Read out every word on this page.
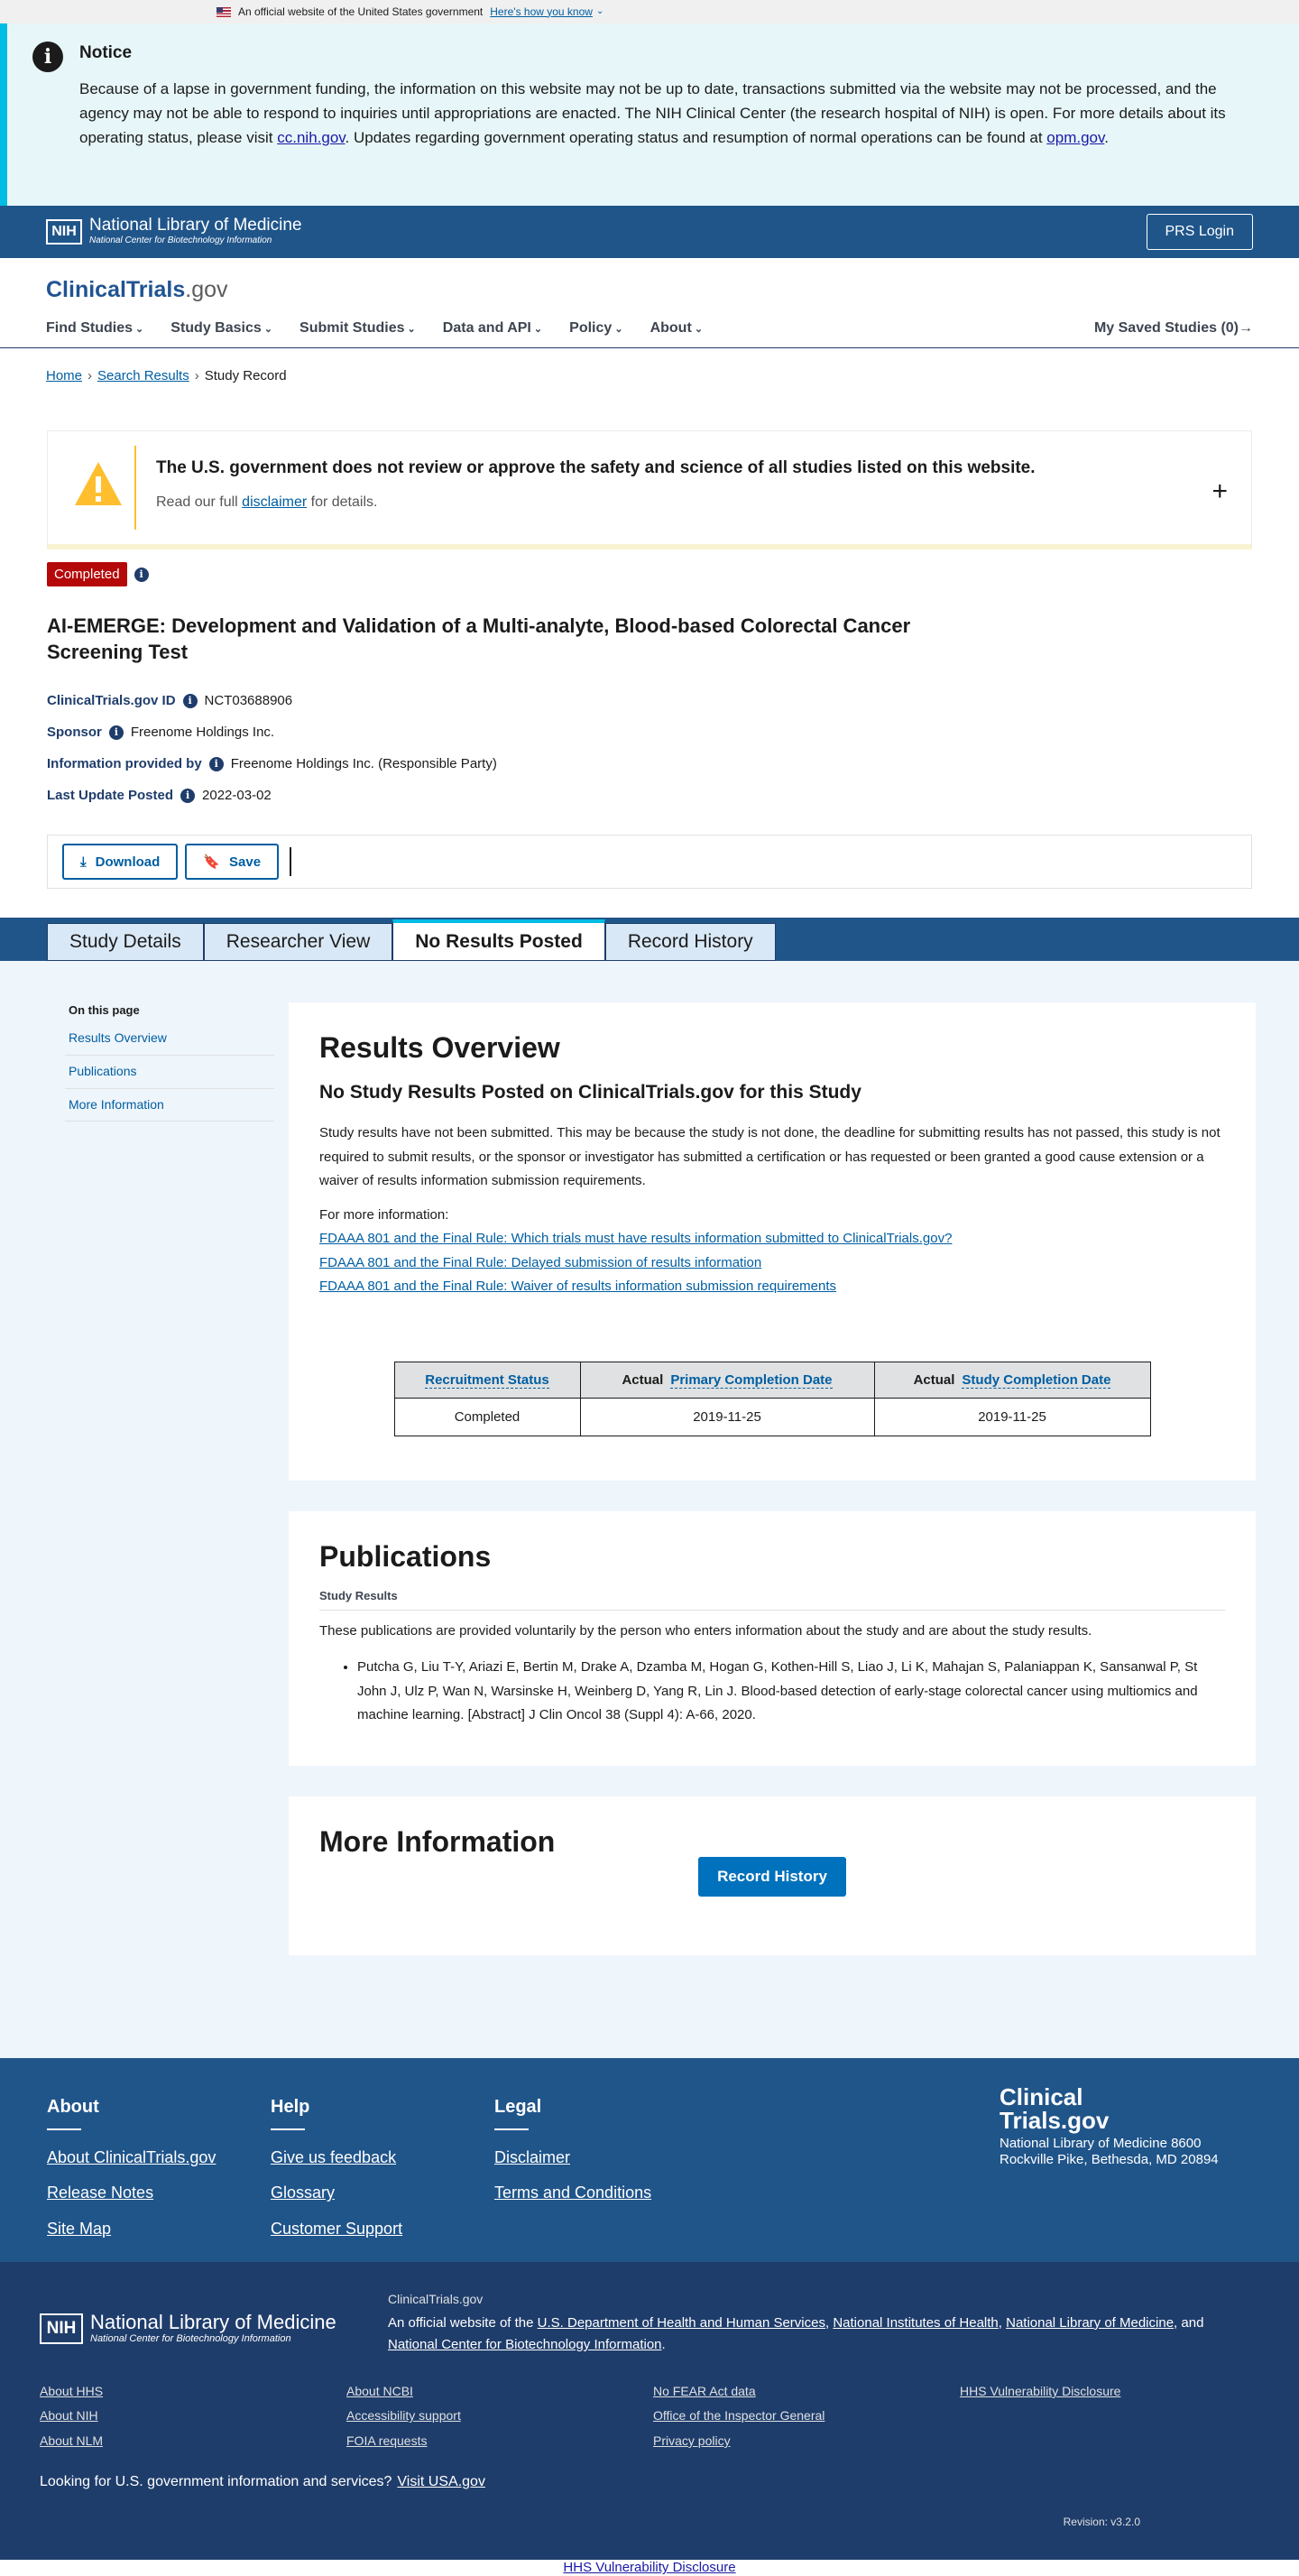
An official website of the United States government Here's how you know ⌄
i	Notice

Because of a lapse in government funding, the information on this website may not be up to date, transactions submitted via the website may not be processed, and the agency may not be able to respond to inquiries until appropriations are enacted. The NIH Clinical Center (the research hospital of NIH) is open. For more details about its operating status, please visit cc.nih.gov. Updates regarding government operating status and resumption of normal operations can be found at opm.gov.

NIH National Library of Medicine
National Center for Biotechnology Information
PRS Login
ClinicalTrials.gov
Find Studies ⌄	Study Basics ⌄	Submit Studies ⌄	Data and API ⌄	Policy ⌄	About ⌄	My Saved Studies (0)→
Home › Search Results › Study Record
The U.S. government does not review or approve the safety and science of all studies listed on this website.
Read our full disclaimer for details.	+
Completed	i
AI-EMERGE: Development and Validation of a Multi-analyte, Blood-based Colorectal Cancer Screening Test
ClinicalTrials.gov ID	i NCT03688906
Sponsor	i Freenome Holdings Inc.
Information provided by	i Freenome Holdings Inc. (Responsible Party)
Last Update Posted	i 2022-03-02
⤓ Download	🔖 Save
Study Details	Researcher View	No Results Posted	Record History
On this page
Results Overview
Publications
More Information
Results Overview
No Study Results Posted on ClinicalTrials.gov for this Study

Study results have not been submitted. This may be because the study is not done, the deadline for submitting results has not passed, this study is not required to submit results, or the sponsor or investigator has submitted a certification or has requested or been granted a good cause extension or a waiver of results information submission requirements.

For more information:

FDAAA 801 and the Final Rule: Which trials must have results information submitted to ClinicalTrials.gov?
FDAAA 801 and the Final Rule: Delayed submission of results information
FDAAA 801 and the Final Rule: Waiver of results information submission requirements
Recruitment Status	Actual Primary Completion Date	Actual Study Completion Date
Completed	2019-11-25	2019-11-25
Publications
Study Results

These publications are provided voluntarily by the person who enters information about the study and are about the study results.

• Putcha G, Liu T-Y, Ariazi E, Bertin M, Drake A, Dzamba M, Hogan G, Kothen-Hill S, Liao J, Li K, Mahajan S, Palaniappan K, Sansanwal P, St John J, Ulz P, Wan N, Warsinske H, Weinberg D, Yang R, Lin J. Blood-based detection of early-stage colorectal cancer using multiomics and machine learning. [Abstract] J Clin Oncol 38 (Suppl 4): A-66, 2020.
More Information
Record History
About
About ClinicalTrials.gov
Release Notes
Site Map
Help
Give us feedback
Glossary
Customer Support
Legal
Disclaimer
Terms and Conditions
Clinical
Trials.gov
National Library of Medicine 8600 Rockville Pike, Bethesda, MD 20894
NIH National Library of Medicine
National Center for Biotechnology Information
ClinicalTrials.gov

An official website of the U.S. Department of Health and Human Services, National Institutes of Health, National Library of Medicine, and National Center for Biotechnology Information.

About HHS	About NCBI	No FEAR Act data	HHS Vulnerability Disclosure
About NIH	Accessibility support	Office of the Inspector General
About NLM	FOIA requests	Privacy policy
Looking for U.S. government information and services? Visit USA.gov
Revision: v3.2.0
HHS Vulnerability Disclosure
